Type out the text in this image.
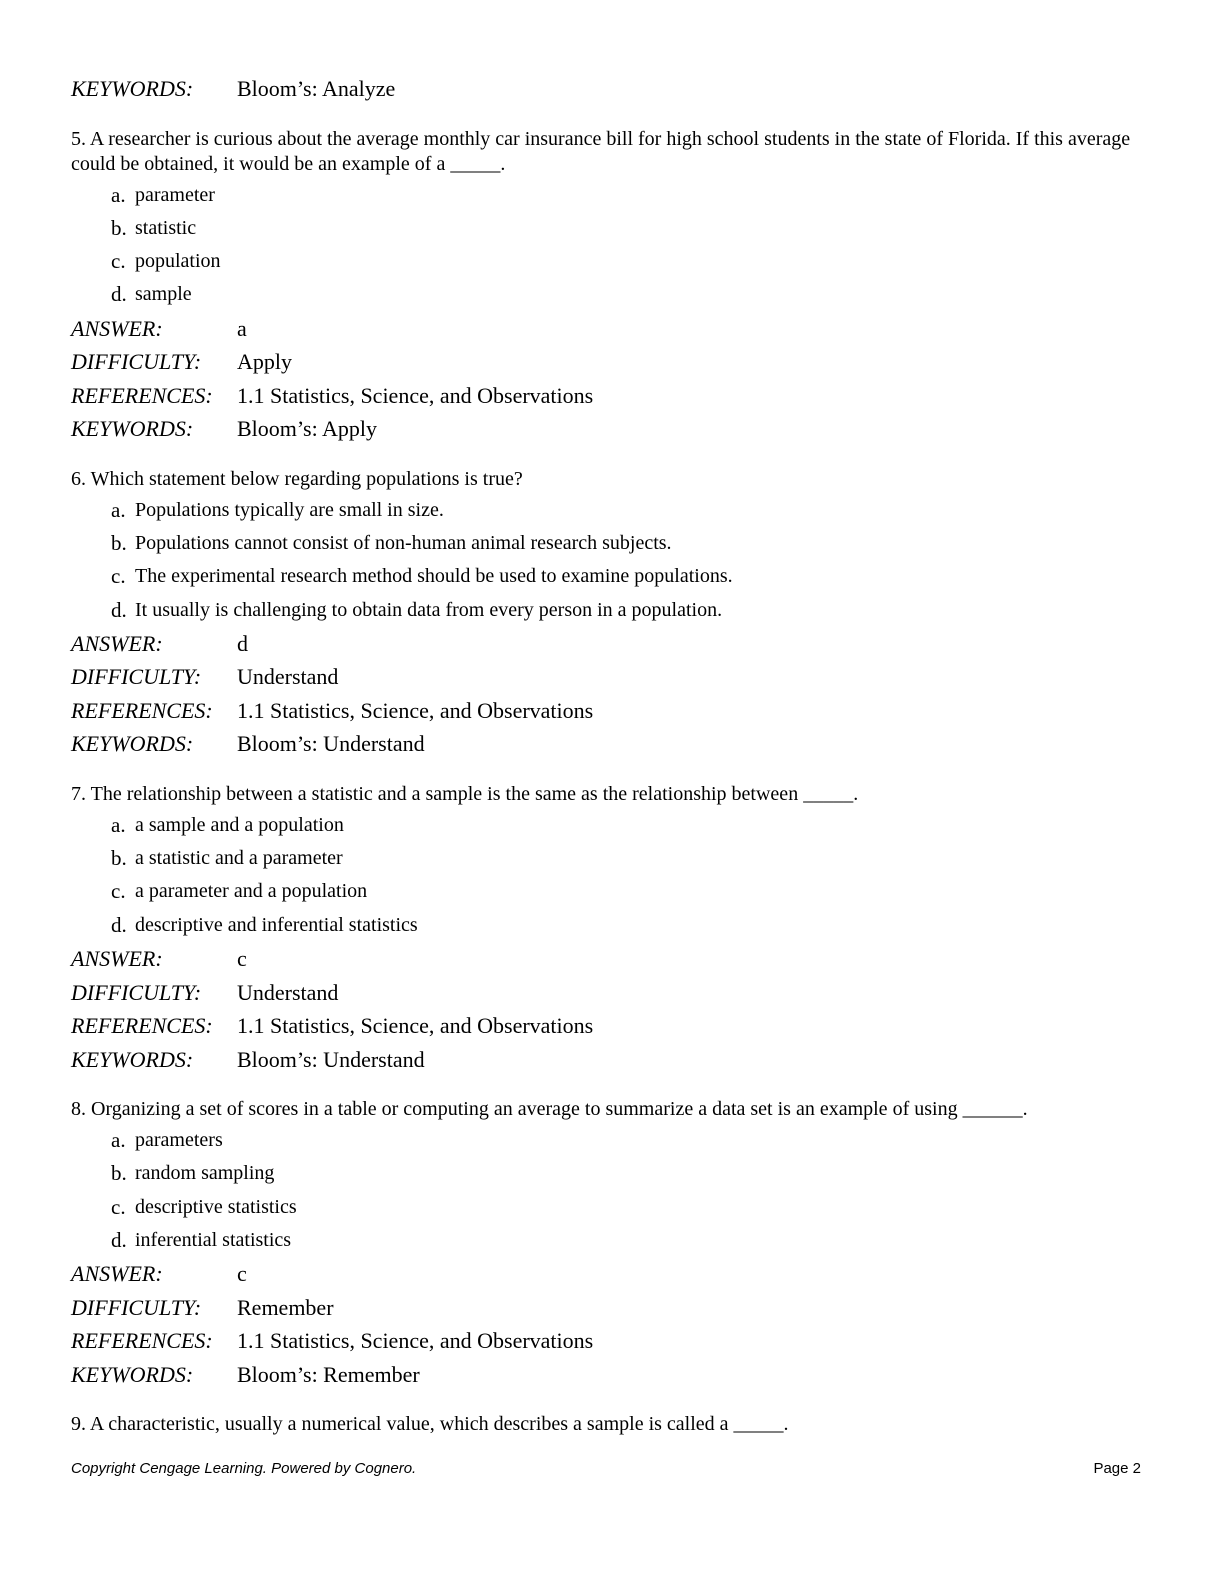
KEYWORDS:	Bloom’s: Analyze
5. A researcher is curious about the average monthly car insurance bill for high school students in the state of Florida. If this average could be obtained, it would be an example of a _____.
a. parameter
b. statistic
c. population
d. sample
ANSWER:	a
DIFFICULTY:	Apply
REFERENCES:	1.1 Statistics, Science, and Observations
KEYWORDS:	Bloom’s: Apply
6. Which statement below regarding populations is true?
a. Populations typically are small in size.
b. Populations cannot consist of non-human animal research subjects.
c. The experimental research method should be used to examine populations.
d. It usually is challenging to obtain data from every person in a population.
ANSWER:	d
DIFFICULTY:	Understand
REFERENCES:	1.1 Statistics, Science, and Observations
KEYWORDS:	Bloom’s: Understand
7. The relationship between a statistic and a sample is the same as the relationship between _____.
a. a sample and a population
b. a statistic and a parameter
c. a parameter and a population
d. descriptive and inferential statistics
ANSWER:	c
DIFFICULTY:	Understand
REFERENCES:	1.1 Statistics, Science, and Observations
KEYWORDS:	Bloom’s: Understand
8. Organizing a set of scores in a table or computing an average to summarize a data set is an example of using ______.
a. parameters
b. random sampling
c. descriptive statistics
d. inferential statistics
ANSWER:	c
DIFFICULTY:	Remember
REFERENCES:	1.1 Statistics, Science, and Observations
KEYWORDS:	Bloom’s: Remember
9. A characteristic, usually a numerical value, which describes a sample is called a _____.
Copyright Cengage Learning. Powered by Cognero.	Page 2
